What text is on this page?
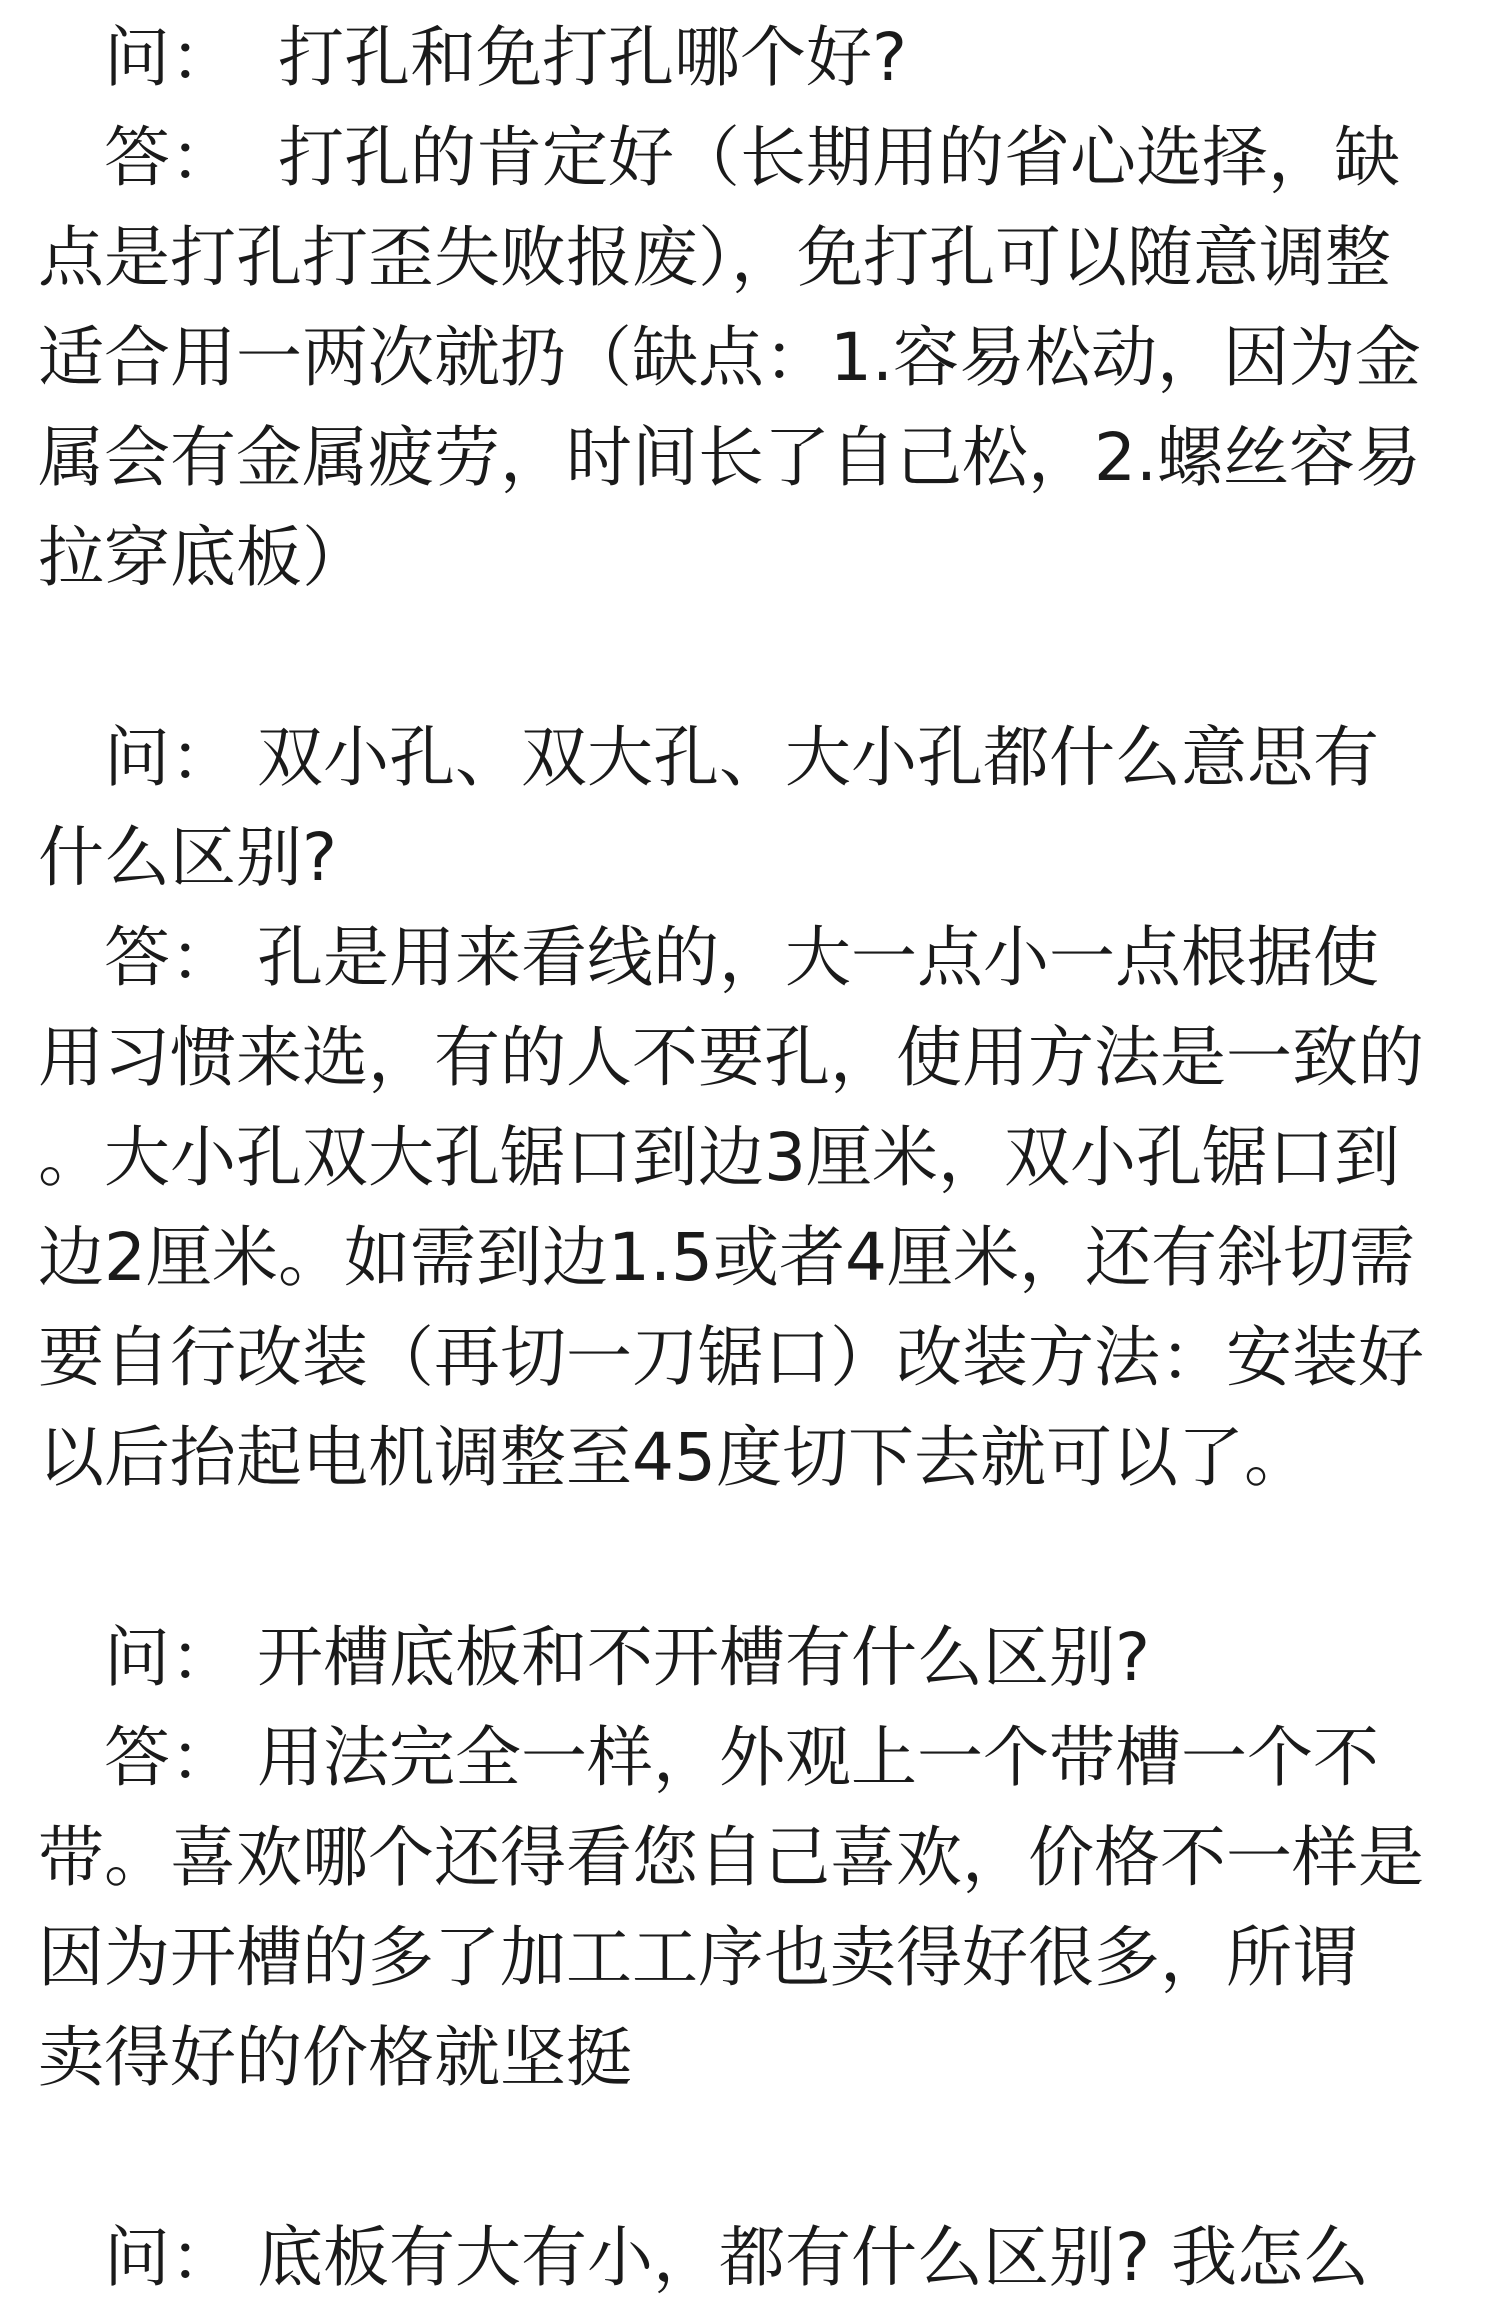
　问：  打孔和免打孔哪个好?
　答：  打孔的肯定好（长期用的省心选择，缺
点是打孔打歪失败报废），免打孔可以随意调整
适合用一两次就扔（缺点：1.容易松动，因为金
属会有金属疲劳，时间长了自己松，2.螺丝容易
拉穿底板）
　问： 双小孔、双大孔、大小孔都什么意思有
什么区别?
　答： 孔是用来看线的，大一点小一点根据使
用习惯来选，有的人不要孔，使用方法是一致的
。大小孔双大孔锯口到边3厘米，双小孔锯口到
边2厘米。如需到边1.5或者4厘米，还有斜切需
要自行改装（再切一刀锯口）改装方法：安装好
以后抬起电机调整至45度切下去就可以了。
　问： 开槽底板和不开槽有什么区别?
　答： 用法完全一样，外观上一个带槽一个不
带。喜欢哪个还得看您自己喜欢，价格不一样是
因为开槽的多了加工工序也卖得好很多，所谓
卖得好的价格就坚挺
　问： 底板有大有小，都有什么区别? 我怎么
